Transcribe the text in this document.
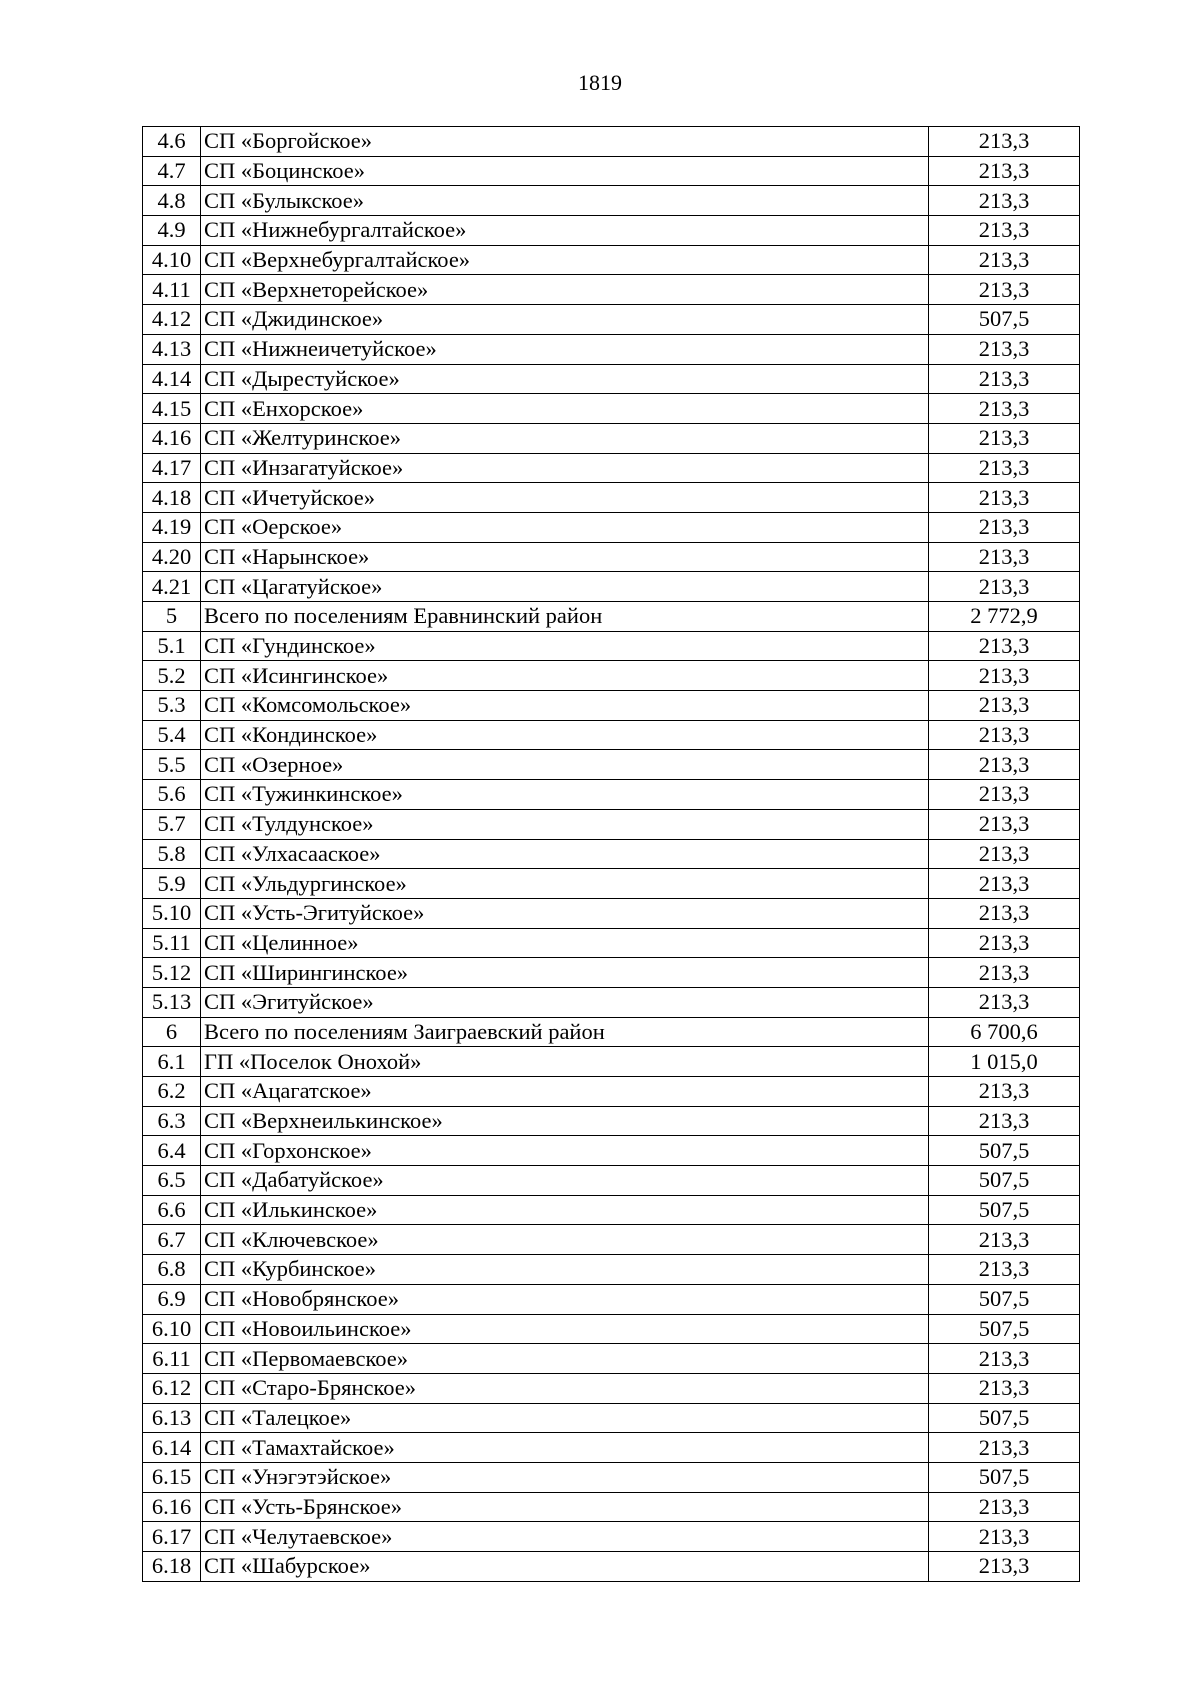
1819
4.6	СП «Боргойское»	213,3
4.7	СП «Боцинское»	213,3
4.8	СП «Булыкское»	213,3
4.9	СП «Нижнебургалтайское»	213,3
4.10	СП «Верхнебургалтайское»	213,3
4.11	СП «Верхнеторейское»	213,3
4.12	СП «Джидинское»	507,5
4.13	СП «Нижнеичетуйское»	213,3
4.14	СП «Дырестуйское»	213,3
4.15	СП «Енхорское»	213,3
4.16	СП «Желтуринское»	213,3
4.17	СП «Инзагатуйское»	213,3
4.18	СП «Ичетуйское»	213,3
4.19	СП «Оерское»	213,3
4.20	СП «Нарынское»	213,3
4.21	СП «Цагатуйское»	213,3
5	Всего по поселениям Еравнинский район	2 772,9
5.1	СП «Гундинское»	213,3
5.2	СП «Исингинское»	213,3
5.3	СП «Комсомольское»	213,3
5.4	СП «Кондинское»	213,3
5.5	СП «Озерное»	213,3
5.6	СП «Тужинкинское»	213,3
5.7	СП «Тулдунское»	213,3
5.8	СП «Улхасаaское»	213,3
5.9	СП «Ульдургинское»	213,3
5.10	СП «Усть-Эгитуйское»	213,3
5.11	СП «Целинное»	213,3
5.12	СП «Ширингинское»	213,3
5.13	СП «Эгитуйское»	213,3
6	Всего по поселениям Заиграевский район	6 700,6
6.1	ГП «Поселок Онохой»	1 015,0
6.2	СП «Ацагатское»	213,3
6.3	СП «Верхнеилькинское»	213,3
6.4	СП «Горхонское»	507,5
6.5	СП «Дабатуйское»	507,5
6.6	СП «Илькинское»	507,5
6.7	СП «Ключевское»	213,3
6.8	СП «Курбинское»	213,3
6.9	СП «Новобрянское»	507,5
6.10	СП «Новоильинское»	507,5
6.11	СП «Первомаевское»	213,3
6.12	СП «Старо-Брянское»	213,3
6.13	СП «Талецкое»	507,5
6.14	СП «Тамахтайское»	213,3
6.15	СП «Унэгэтэйское»	507,5
6.16	СП «Усть-Брянское»	213,3
6.17	СП «Челутаевское»	213,3
6.18	СП «Шабурское»	213,3
